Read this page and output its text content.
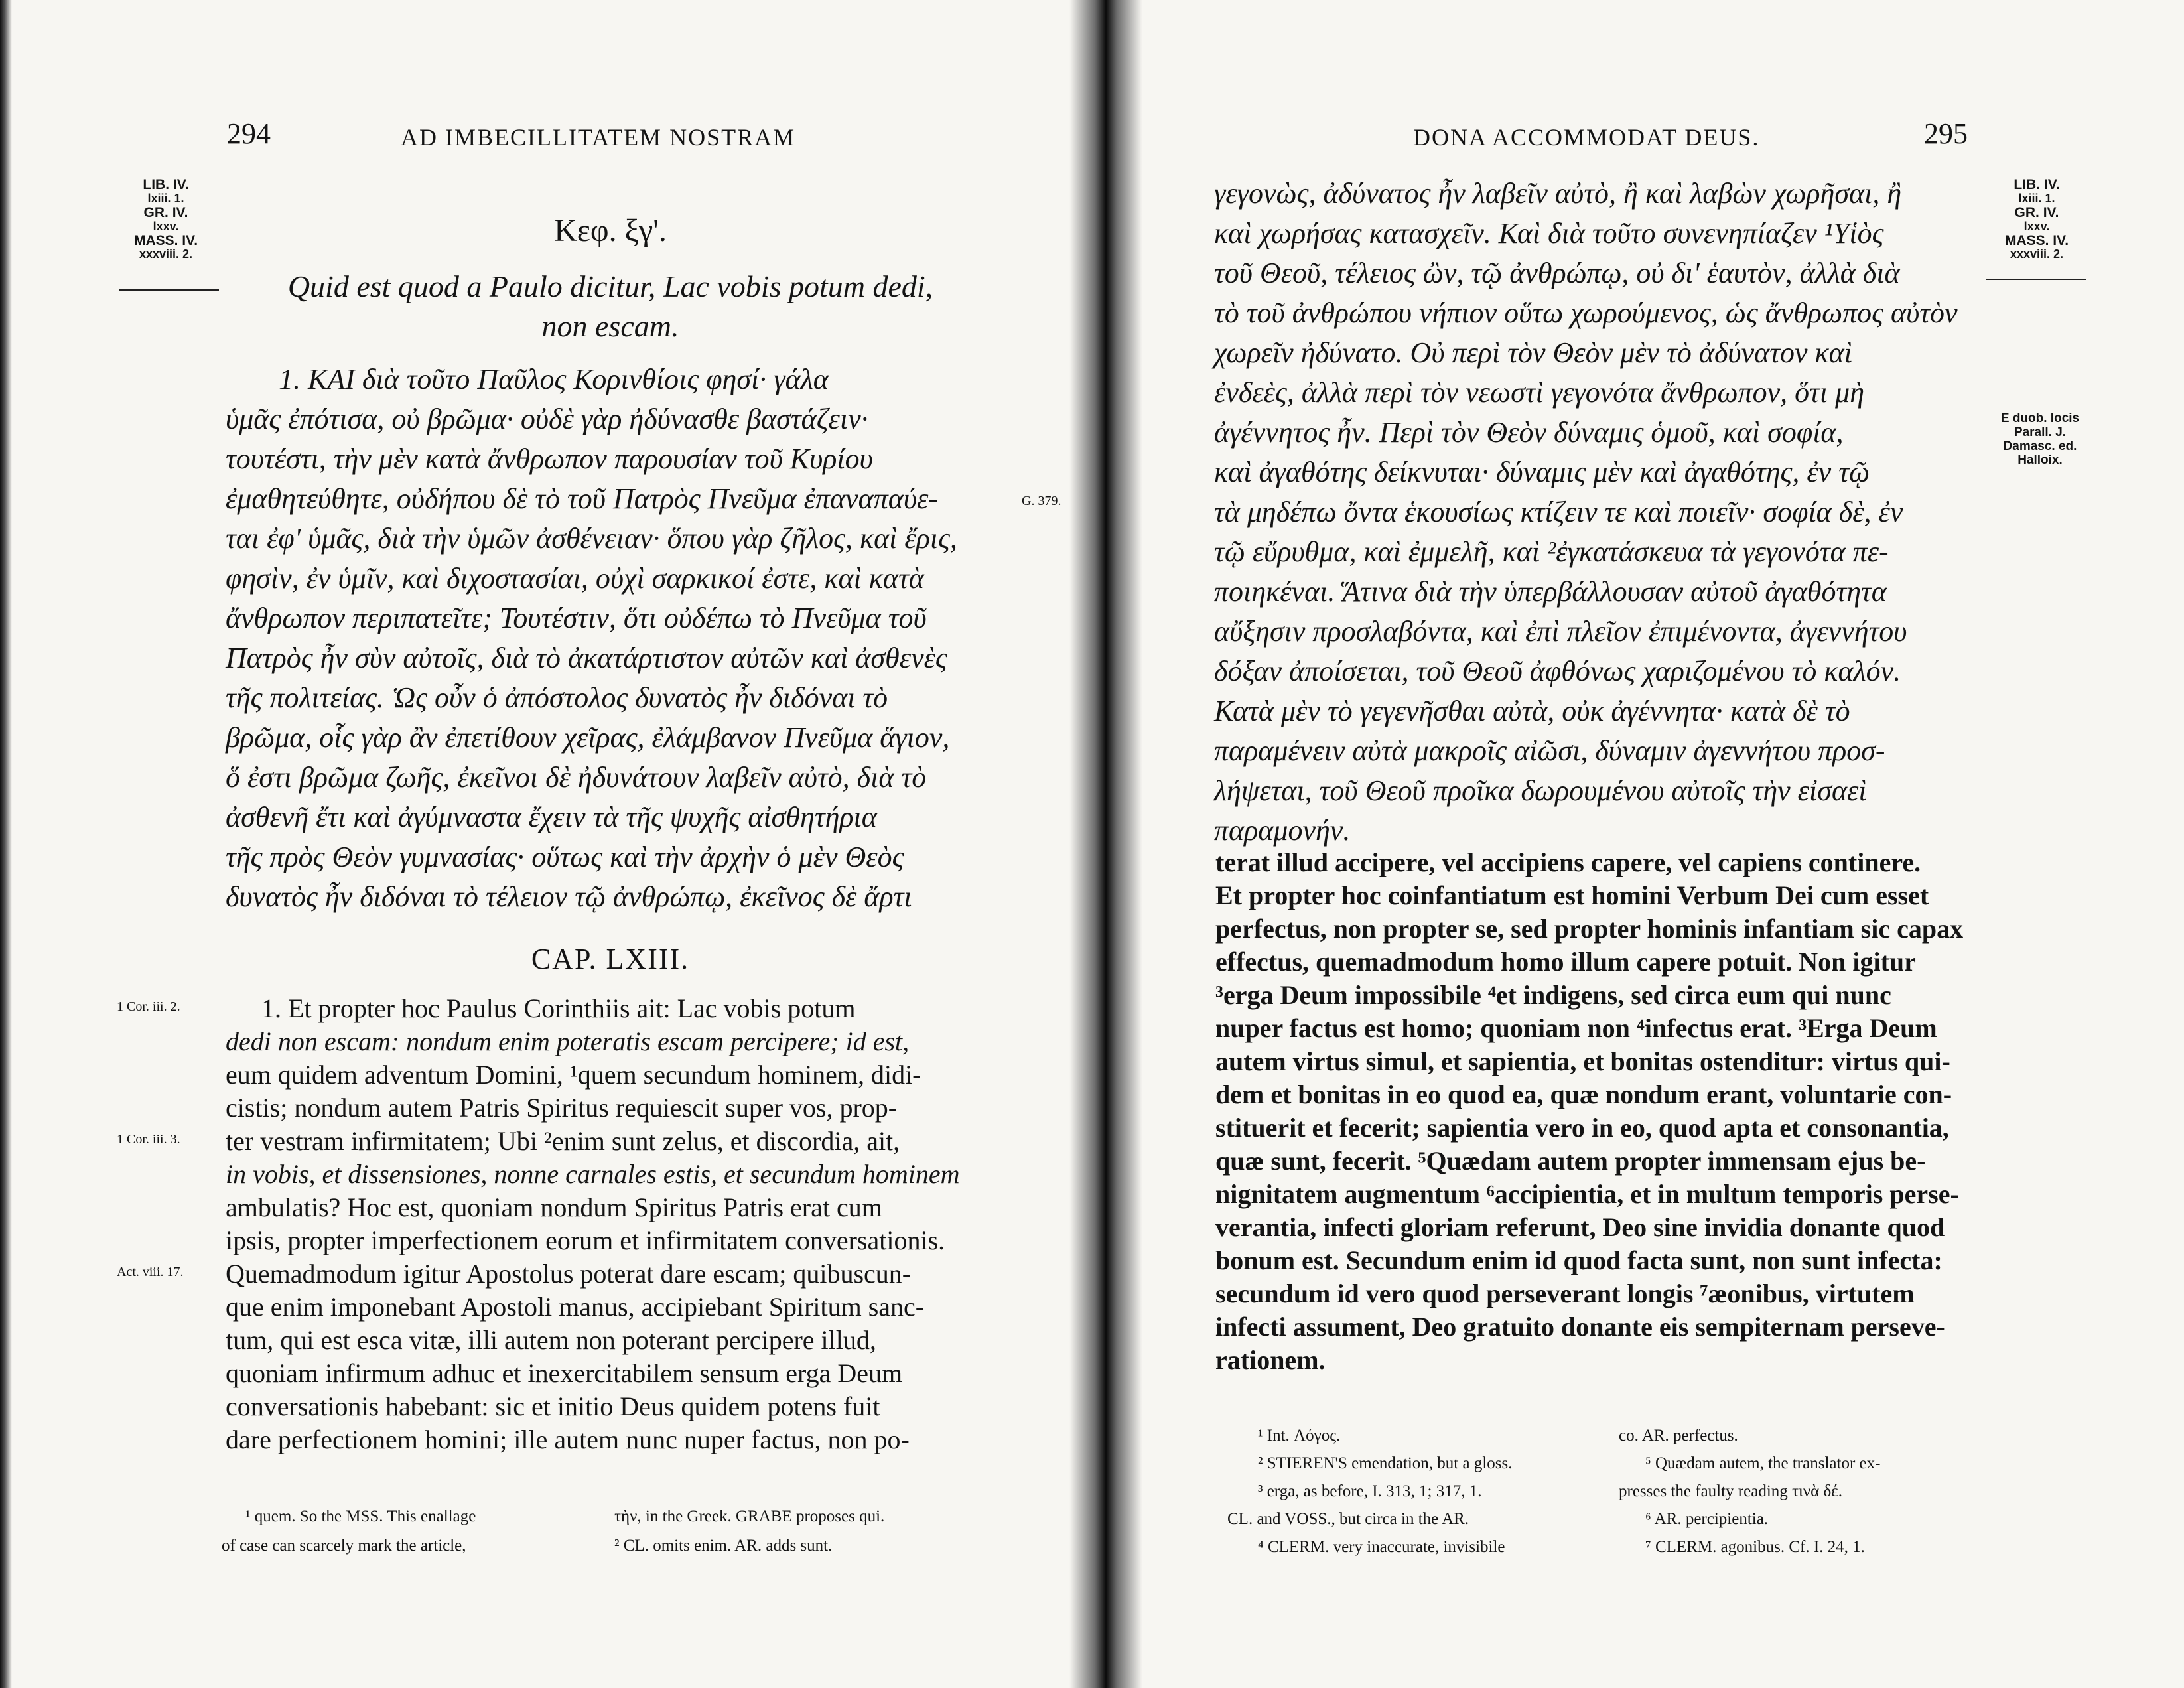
294	AD IMBECILLITATEM NOSTRAM
LIB. IV.
lxiii. 1.
GR. IV.
lxxv.
MASS. IV.
xxxviii. 2.
Κεφ. ξγ'.
Quid est quod a Paulo dicitur, Lac vobis potum dedi,
non escam.
1. ΚΑΙ διὰ τοῦτο Παῦλος Κορινθίοις φησί· γάλα
ὑμᾶς ἐπότισα, οὐ βρῶμα· οὐδὲ γὰρ ἠδύνασθε βαστάζειν·
τουτέστι, τὴν μὲν κατὰ ἄνθρωπον παρουσίαν τοῦ Κυρίου
ἐμαθητεύθητε, οὐδήπου δὲ τὸ τοῦ Πατρὸς Πνεῦμα ἐπαναπαύε-
ται ἐφ' ὑμᾶς, διὰ τὴν ὑμῶν ἀσθένειαν· ὅπου γὰρ ζῆλος, καὶ ἔρις,
φησὶν, ἐν ὑμῖν, καὶ διχοστασίαι, οὐχὶ σαρκικοί ἐστε, καὶ κατὰ
ἄνθρωπον περιπατεῖτε; Τουτέστιν, ὅτι οὐδέπω τὸ Πνεῦμα τοῦ
Πατρὸς ἦν σὺν αὐτοῖς, διὰ τὸ ἀκατάρτιστον αὐτῶν καὶ ἀσθενὲς
τῆς πολιτείας. Ὡς οὖν ὁ ἀπόστολος δυνατὸς ἦν διδόναι τὸ
βρῶμα, οἷς γὰρ ἂν ἐπετίθουν χεῖρας, ἐλάμβανον Πνεῦμα ἅγιον,
ὅ ἐστι βρῶμα ζωῆς, ἐκεῖνοι δὲ ἠδυνάτουν λαβεῖν αὐτὸ, διὰ τὸ
ἀσθενῆ ἔτι καὶ ἀγύμναστα ἔχειν τὰ τῆς ψυχῆς αἰσθητήρια
τῆς πρὸς Θεὸν γυμνασίας· οὕτως καὶ τὴν ἀρχὴν ὁ μὲν Θεὸς
δυνατὸς ἦν διδόναι τὸ τέλειον τῷ ἀνθρώπῳ, ἐκεῖνος δὲ ἄρτι
G. 379.
CAP. LXIII.
1. Et propter hoc Paulus Corinthiis ait: Lac vobis potum
dedi non escam: nondum enim poteratis escam percipere; id est,
eum quidem adventum Domini, ¹quem secundum hominem, didi-
cistis; nondum autem Patris Spiritus requiescit super vos, prop-
ter vestram infirmitatem; Ubi ²enim sunt zelus, et discordia, ait,
in vobis, et dissensiones, nonne carnales estis, et secundum hominem
ambulatis? Hoc est, quoniam nondum Spiritus Patris erat cum
ipsis, propter imperfectionem eorum et infirmitatem conversationis.
Quemadmodum igitur Apostolus poterat dare escam; quibuscun-
que enim imponebant Apostoli manus, accipiebant Spiritum sanc-
tum, qui est esca vitæ, illi autem non poterant percipere illud,
quoniam infirmum adhuc et inexercitabilem sensum erga Deum
conversationis habebant: sic et initio Deus quidem potens fuit
dare perfectionem homini; ille autem nunc nuper factus, non po-
1 Cor. iii. 2.
1 Cor. iii. 3.
Act. viii. 17.
¹ quem. So the MSS. This enallage
of case can scarcely mark the article,
τὴν, in the Greek. GRABE proposes qui.
² CL. omits enim. AR. adds sunt.
DONA ACCOMMODAT DEUS.	295
LIB. IV.
lxiii. 1.
GR. IV.
lxxv.
MASS. IV.
xxxviii. 2.
E duob. locis
Parall. J.
Damasc. ed.
Halloix.
γεγονὼς, ἀδύνατος ἦν λαβεῖν αὐτὸ, ἢ καὶ λαβὼν χωρῆσαι, ἢ
καὶ χωρήσας κατασχεῖν. Καὶ διὰ τοῦτο συνενηπίαζεν ¹Υἱὸς
τοῦ Θεοῦ, τέλειος ὢν, τῷ ἀνθρώπῳ, οὐ δι' ἑαυτὸν, ἀλλὰ διὰ
τὸ τοῦ ἀνθρώπου νήπιον οὕτω χωρούμενος, ὡς ἄνθρωπος αὐτὸν
χωρεῖν ἠδύνατο. Οὐ περὶ τὸν Θεὸν μὲν τὸ ἀδύνατον καὶ
ἐνδεὲς, ἀλλὰ περὶ τὸν νεωστὶ γεγονότα ἄνθρωπον, ὅτι μὴ
ἀγέννητος ἦν. Περὶ τὸν Θεὸν δύναμις ὁμοῦ, καὶ σοφία,
καὶ ἀγαθότης δείκνυται· δύναμις μὲν καὶ ἀγαθότης, ἐν τῷ
τὰ μηδέπω ὄντα ἑκουσίως κτίζειν τε καὶ ποιεῖν· σοφία δὲ, ἐν
τῷ εὔρυθμα, καὶ ἐμμελῆ, καὶ ²ἐγκατάσκευα τὰ γεγονότα πε-
ποιηκέναι. Ἅτινα διὰ τὴν ὑπερβάλλουσαν αὐτοῦ ἀγαθότητα
αὔξησιν προσλαβόντα, καὶ ἐπὶ πλεῖον ἐπιμένοντα, ἀγεννήτου
δόξαν ἀποίσεται, τοῦ Θεοῦ ἀφθόνως χαριζομένου τὸ καλόν.
Κατὰ μὲν τὸ γεγενῆσθαι αὐτὰ, οὐκ ἀγέννητα· κατὰ δὲ τὸ
παραμένειν αὐτὰ μακροῖς αἰῶσι, δύναμιν ἀγεννήτου προσ-
λήψεται, τοῦ Θεοῦ προῖκα δωρουμένου αὐτοῖς τὴν εἰσαεὶ
παραμονήν.
terat illud accipere, vel accipiens capere, vel capiens continere.
Et propter hoc coinfantiatum est homini Verbum Dei cum esset
perfectus, non propter se, sed propter hominis infantiam sic capax
effectus, quemadmodum homo illum capere potuit. Non igitur
³erga Deum impossibile ⁴et indigens, sed circa eum qui nunc
nuper factus est homo; quoniam non ⁴infectus erat. ³Erga Deum
autem virtus simul, et sapientia, et bonitas ostenditur: virtus qui-
dem et bonitas in eo quod ea, quæ nondum erant, voluntarie con-
stituerit et fecerit; sapientia vero in eo, quod apta et consonantia,
quæ sunt, fecerit. ⁵Quædam autem propter immensam ejus be-
nignitatem augmentum ⁶accipientia, et in multum temporis perse-
verantia, infecti gloriam referunt, Deo sine invidia donante quod
bonum est. Secundum enim id quod facta sunt, non sunt infecta:
secundum id vero quod perseverant longis ⁷æonibus, virtutem
infecti assument, Deo gratuito donante eis sempiternam perseve-
rationem.
¹ Int. Λόγος.
² STIEREN'S emendation, but a gloss.
³ erga, as before, I. 313, 1; 317, 1.
CL. and VOSS., but circa in the AR.
⁴ CLERM. very inaccurate, invisibile
co. AR. perfectus.
⁵ Quædam autem, the translator ex-
presses the faulty reading τινὰ δέ.
⁶ AR. percipientia.
⁷ CLERM. agonibus. Cf. I. 24, 1.
